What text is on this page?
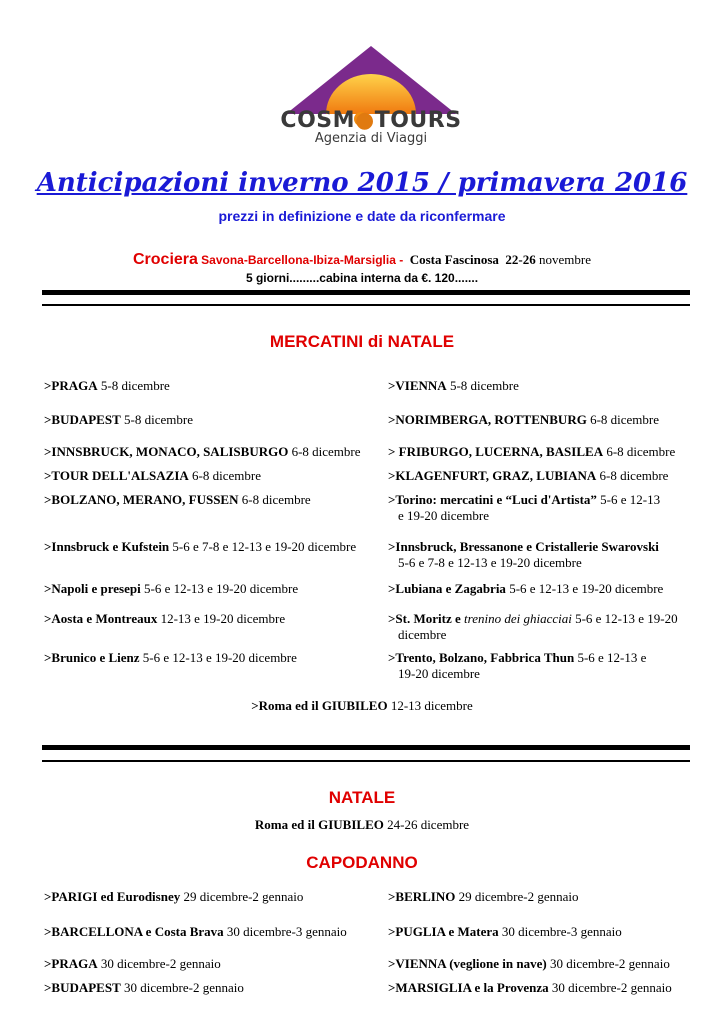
COSM●TOURS
Agenzia di Viaggi
Anticipazioni inverno 2015 / primavera 2016
prezzi in definizione e date da riconfermare
Crociera Savona-Barcellona-Ibiza-Marsiglia - Costa Fascinosa 22-26 novembre
5 giorni.........cabina interna da €. 120.......
MERCATINI di NATALE
>PRAGA 5-8 dicembre
>BUDAPEST 5-8 dicembre
>INNSBRUCK, MONACO, SALISBURGO 6-8 dicembre
>TOUR DELL'ALSAZIA 6-8 dicembre
>BOLZANO, MERANO, FUSSEN 6-8 dicembre
>Innsbruck e Kufstein 5-6 e 7-8 e 12-13 e 19-20 dicembre
>Napoli e presepi 5-6 e 12-13 e 19-20 dicembre
>Aosta e Montreaux 12-13 e 19-20 dicembre
>Brunico e Lienz 5-6 e 12-13 e 19-20 dicembre
>VIENNA 5-8 dicembre
>NORIMBERGA, ROTTENBURG 6-8 dicembre
> FRIBURGO, LUCERNA, BASILEA 6-8 dicembre
>KLAGENFURT, GRAZ, LUBIANA 6-8 dicembre
>Torino: mercatini e “Luci d'Artista” 5-6 e 12-13
e 19-20 dicembre
>Innsbruck, Bressanone e Cristallerie Swarovski
5-6 e 7-8 e 12-13 e 19-20 dicembre
>Lubiana e Zagabria 5-6 e 12-13 e 19-20 dicembre
>St. Moritz e trenino dei ghiacciai 5-6 e 12-13 e 19-20
dicembre
>Trento, Bolzano, Fabbrica Thun 5-6 e 12-13 e
19-20 dicembre
>Roma ed il GIUBILEO 12-13 dicembre
NATALE
Roma ed il GIUBILEO 24-26 dicembre
CAPODANNO
>PARIGI ed Eurodisney 29 dicembre-2 gennaio
>BARCELLONA e Costa Brava 30 dicembre-3 gennaio
>PRAGA 30 dicembre-2 gennaio
>BUDAPEST 30 dicembre-2 gennaio
>BERLINO 29 dicembre-2 gennaio
>PUGLIA e Matera 30 dicembre-3 gennaio
>VIENNA (veglione in nave) 30 dicembre-2 gennaio
>MARSIGLIA e la Provenza 30 dicembre-2 gennaio
